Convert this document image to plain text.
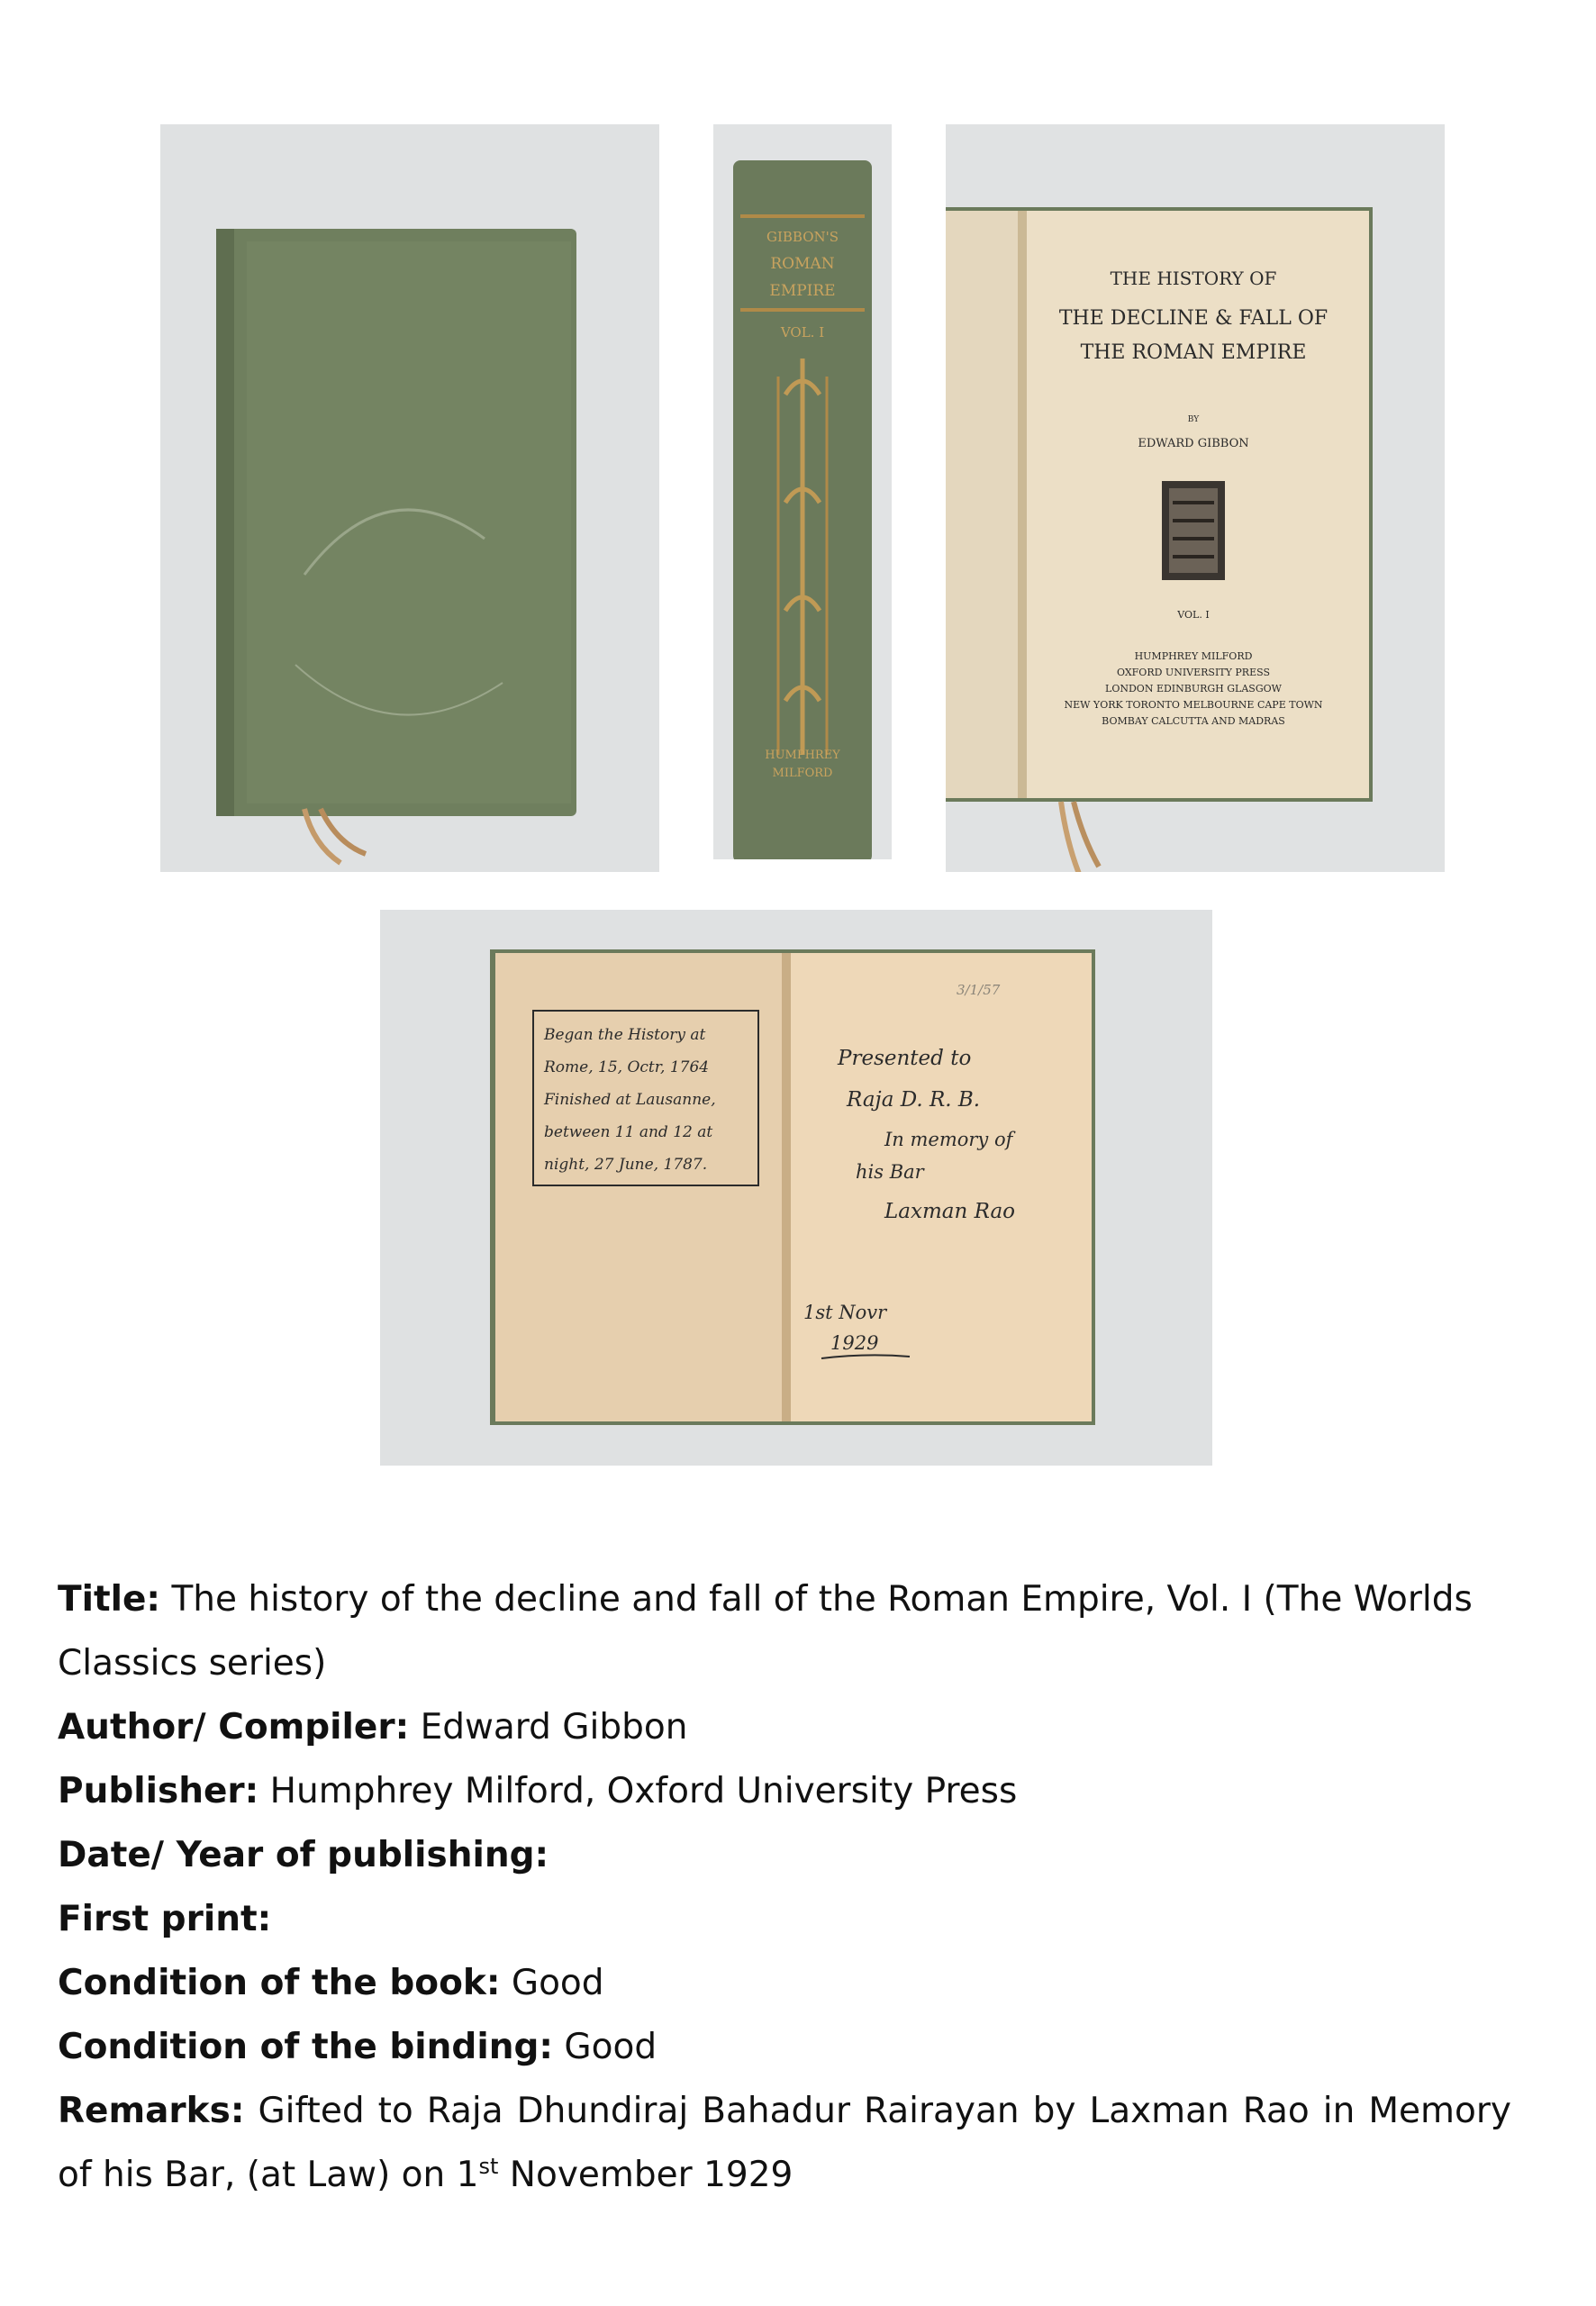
GIBBON'S
ROMAN
EMPIRE
VOL. I
HUMPHREY
MILFORD
THE HISTORY OF
THE DECLINE & FALL OF
THE ROMAN EMPIRE
BY
EDWARD GIBBON
VOL. I
HUMPHREY MILFORD
OXFORD UNIVERSITY PRESS
LONDON EDINBURGH GLASGOW
NEW YORK TORONTO MELBOURNE CAPE TOWN
BOMBAY CALCUTTA AND MADRAS
Began the History at
Rome, 15, Octr, 1764
Finished at Lausanne,
between 11 and 12 at
night, 27 June, 1787.
3/1/57
Presented to
Raja D. R. B.
In memory of
his Bar
Laxman Rao
1st Novr
1929

Title: The history of the decline and fall of the Roman Empire, Vol. I (The Worlds Classics series)

Author/ Compiler: Edward Gibbon

Publisher: Humphrey Milford, Oxford University Press

Date/ Year of publishing:

First print:

Condition of the book: Good

Condition of the binding: Good

Remarks: Gifted to Raja Dhundiraj Bahadur Rairayan by Laxman Rao in Memory of his Bar, (at Law) on 1st November 1929
